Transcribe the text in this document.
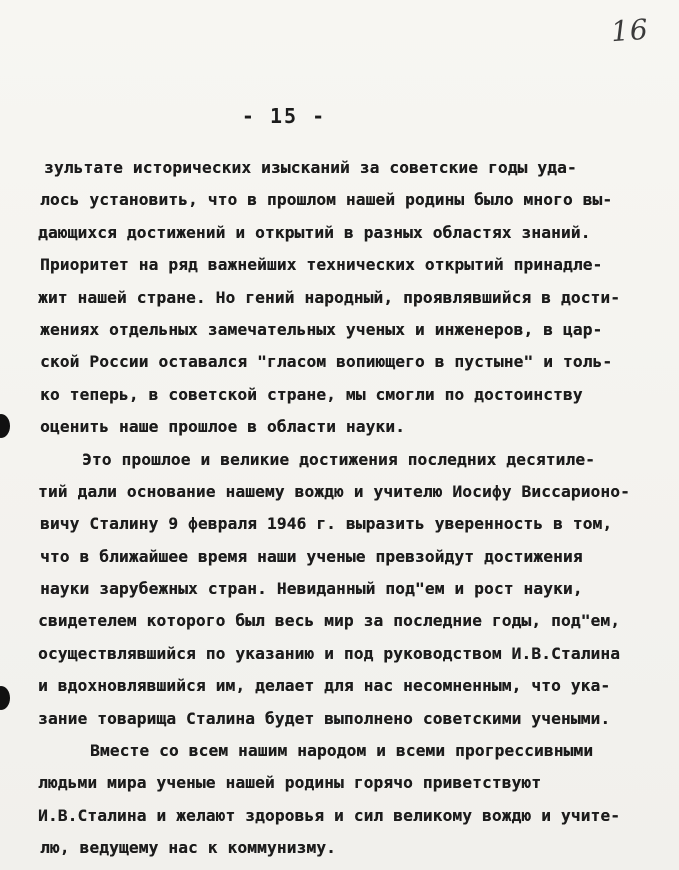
16
- 15 -
зультате исторических изысканий за советские годы уда-
лось установить, что в прошлом нашей родины было много вы-
дающихся достижений и открытий в разных областях знаний.
Приоритет на ряд важнейших технических открытий принадле-
жит нашей стране. Но гений народный, проявлявшийся в дости-
жениях отдельных замечательных ученых и инженеров, в цар-
ской России оставался "гласом вопиющего в пустыне" и толь-
ко теперь, в советской стране, мы смогли по достоинству
оценить наше прошлое в области науки.
Это прошлое и великие достижения последних десятиле-
тий дали основание нашему вождю и учителю Иосифу Виссарионо-
вичу Сталину 9 февраля 1946 г. выразить уверенность в том,
что в ближайшее время наши ученые превзойдут достижения
науки зарубежных стран. Невиданный под"ем и рост науки,
свидетелем которого был весь мир за последние годы, под"ем,
осуществлявшийся по указанию и под руководством И.В.Сталина
и вдохновлявшийся им, делает для нас несомненным, что ука-
зание товарища Сталина будет выполнено советскими учеными.
Вместе со всем нашим народом и всеми прогрессивными
людьми мира ученые нашей родины горячо приветствуют
И.В.Сталина и желают здоровья и сил великому вождю и учите-
лю, ведущему нас к коммунизму.
